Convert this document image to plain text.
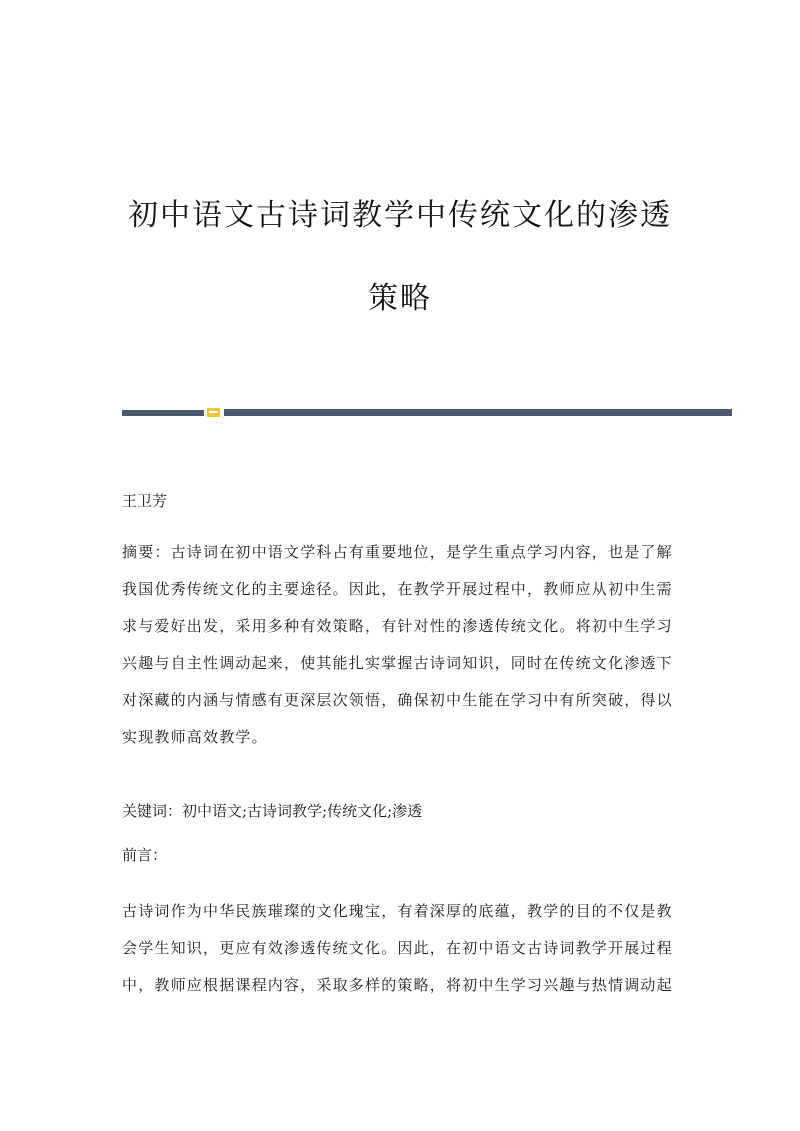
初中语文古诗词教学中传统文化的渗透
策略
王卫芳
摘要：古诗词在初中语文学科占有重要地位，是学生重点学习内容，也是了解
我国优秀传统文化的主要途径。因此，在教学开展过程中，教师应从初中生需
求与爱好出发，采用多种有效策略，有针对性的渗透传统文化。将初中生学习
兴趣与自主性调动起来，使其能扎实掌握古诗词知识，同时在传统文化渗透下
对深藏的内涵与情感有更深层次领悟，确保初中生能在学习中有所突破，得以
实现教师高效教学。
关键词：初中语文;古诗词教学;传统文化;渗透
前言：
古诗词作为中华民族璀璨的文化瑰宝，有着深厚的底蕴，教学的目的不仅是教
会学生知识，更应有效渗透传统文化。因此，在初中语文古诗词教学开展过程
中，教师应根据课程内容，采取多样的策略，将初中生学习兴趣与热情调动起
